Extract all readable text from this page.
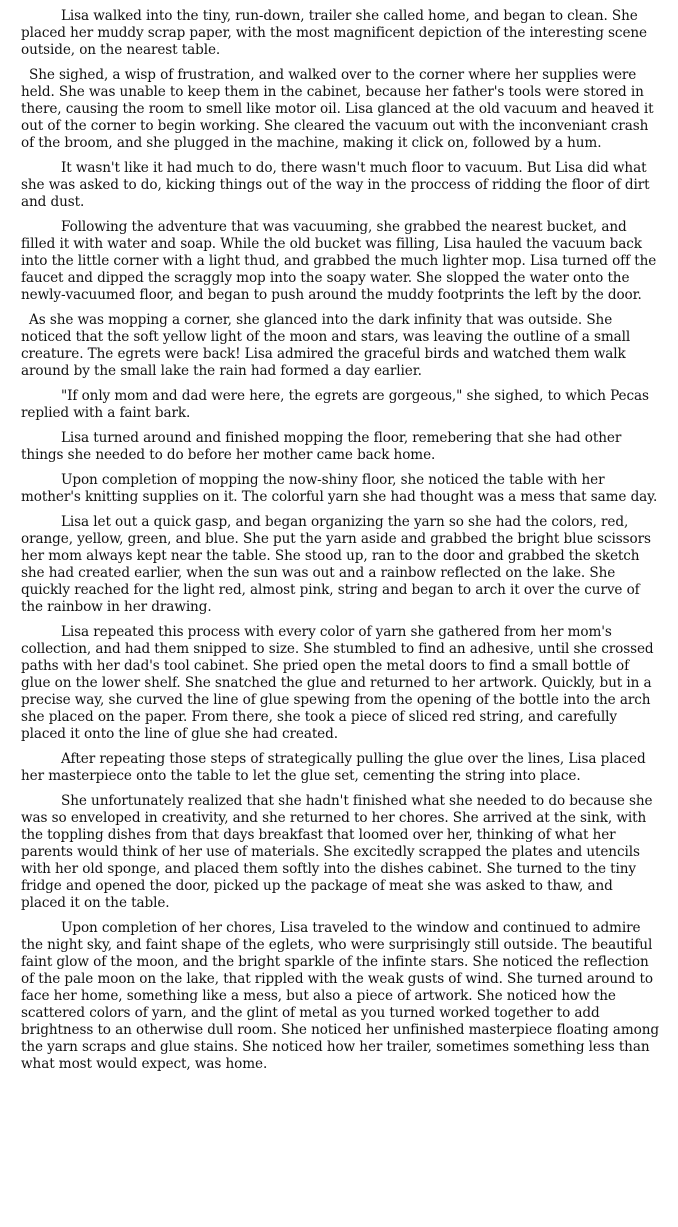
Lisa walked into the tiny, run-down, trailer she called home, and began to clean. She placed her muddy scrap paper, with the most magnificent depiction of the interesting scene outside, on the nearest table.

She sighed, a wisp of frustration, and walked over to the corner where her supplies were held. She was unable to keep them in the cabinet, because her father's tools were stored in there, causing the room to smell like motor oil. Lisa glanced at the old vacuum and heaved it out of the corner to begin working. She cleared the vacuum out with the inconveniant crash of the broom, and she plugged in the machine, making it click on, followed by a hum.

It wasn't like it had much to do, there wasn't much floor to vacuum. But Lisa did what she was asked to do, kicking things out of the way in the proccess of ridding the floor of dirt and dust.

Following the adventure that was vacuuming, she grabbed the nearest bucket, and filled it with water and soap. While the old bucket was filling, Lisa hauled the vacuum back into the little corner with a light thud, and grabbed the much lighter mop. Lisa turned off the faucet and dipped the scraggly mop into the soapy water. She slopped the water onto the newly-vacuumed floor, and began to push around the muddy footprints the left by the door.

As she was mopping a corner, she glanced into the dark infinity that was outside. She noticed that the soft yellow light of the moon and stars, was leaving the outline of a small creature. The egrets were back! Lisa admired the graceful birds and watched them walk around by the small lake the rain had formed a day earlier.

"If only mom and dad were here, the egrets are gorgeous," she sighed, to which Pecas replied with a faint bark.

Lisa turned around and finished mopping the floor, remebering that she had other things she needed to do before her mother came back home.

Upon completion of mopping the now-shiny floor, she noticed the table with her mother's knitting supplies on it. The colorful yarn she had thought was a mess that same day.

Lisa let out a quick gasp, and began organizing the yarn so she had the colors, red, orange, yellow, green, and blue. She put the yarn aside and grabbed the bright blue scissors her mom always kept near the table. She stood up, ran to the door and grabbed the sketch she had created earlier, when the sun was out and a rainbow reflected on the lake. She quickly reached for the light red, almost pink, string and began to arch it over the curve of the rainbow in her drawing.

Lisa repeated this process with every color of yarn she gathered from her mom's collection, and had them snipped to size. She stumbled to find an adhesive, until she crossed paths with her dad's tool cabinet. She pried open the metal doors to find a small bottle of glue on the lower shelf. She snatched the glue and returned to her artwork. Quickly, but in a precise way, she curved the line of glue spewing from the opening of the bottle into the arch she placed on the paper. From there, she took a piece of sliced red string, and carefully placed it onto the line of glue she had created.

After repeating those steps of strategically pulling the glue over the lines, Lisa placed her masterpiece onto the table to let the glue set, cementing the string into place.

She unfortunately realized that she hadn't finished what she needed to do because she was so enveloped in creativity, and she returned to her chores. She arrived at the sink, with the toppling dishes from that days breakfast that loomed over her, thinking of what her parents would think of her use of materials. She excitedly scrapped the plates and utencils with her old sponge, and placed them softly into the dishes cabinet. She turned to the tiny fridge and opened the door, picked up the package of meat she was asked to thaw, and placed it on the table.

Upon completion of her chores, Lisa traveled to the window and continued to admire the night sky, and faint shape of the eglets, who were surprisingly still outside. The beautiful faint glow of the moon, and the bright sparkle of the infinte stars. She noticed the reflection of the pale moon on the lake, that rippled with the weak gusts of wind. She turned around to face her home, something like a mess, but also a piece of artwork. She noticed how the scattered colors of yarn, and the glint of metal as you turned worked together to add brightness to an otherwise dull room. She noticed her unfinished masterpiece floating among the yarn scraps and glue stains. She noticed how her trailer, sometimes something less than what most would expect, was home.
